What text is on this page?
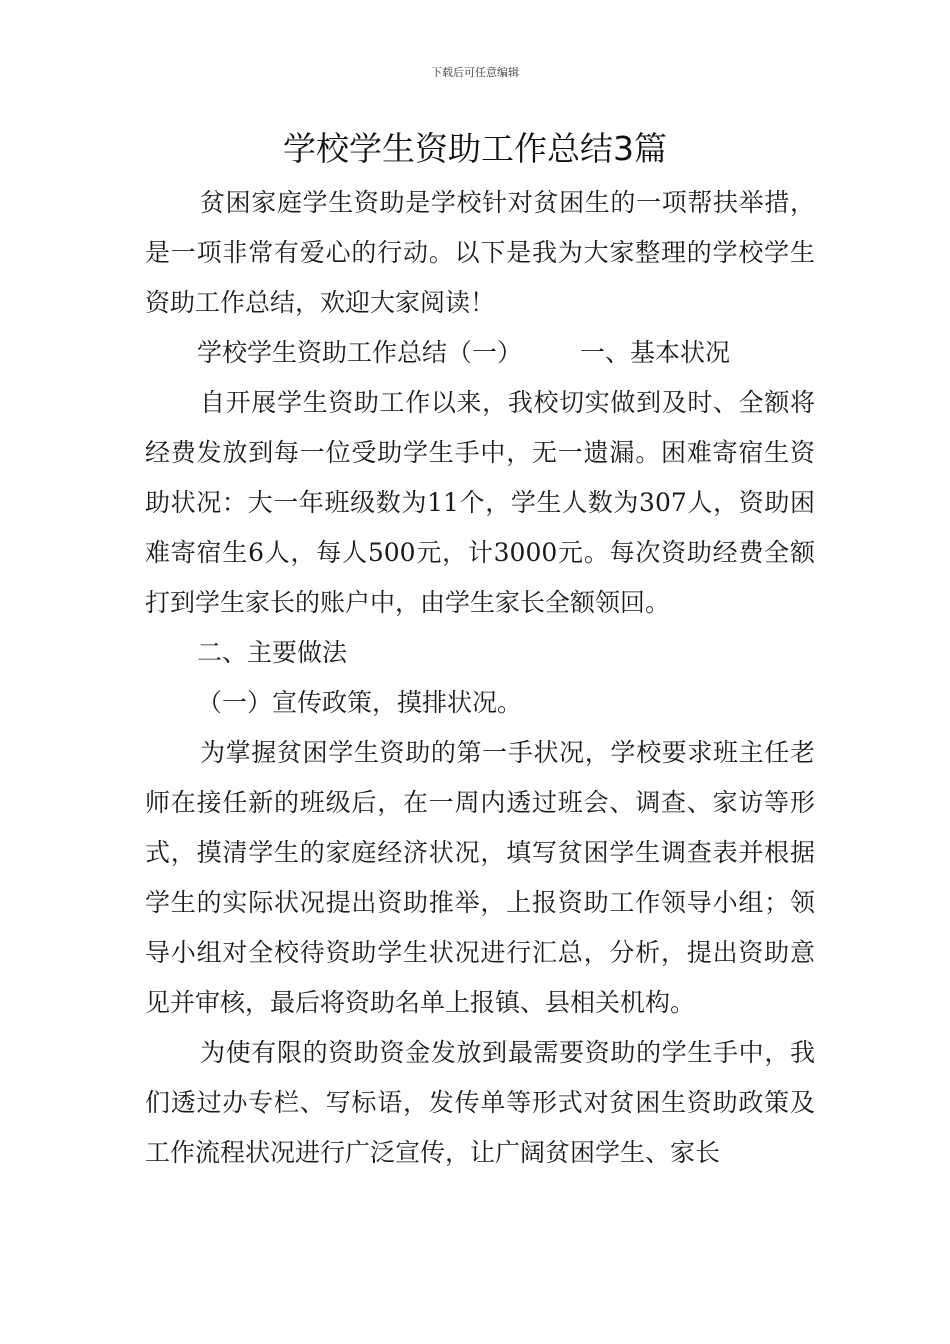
下载后可任意编辑
学校学生资助工作总结3篇

贫困家庭学生资助是学校针对贫困生的一项帮扶举措，是一项非常有爱心的行动。以下是我为大家整理的学校学生资助工作总结，欢迎大家阅读！

学校学生资助工作总结（一） 一、基本状况

自开展学生资助工作以来，我校切实做到及时、全额将经费发放到每一位受助学生手中，无一遗漏。困难寄宿生资助状况：大一年班级数为11个，学生人数为307人，资助困难寄宿生6人，每人500元，计3000元。每次资助经费全额打到学生家长的账户中，由学生家长全额领回。

二、主要做法

（一）宣传政策，摸排状况。

为掌握贫困学生资助的第一手状况，学校要求班主任老师在接任新的班级后，在一周内透过班会、调查、家访等形式，摸清学生的家庭经济状况，填写贫困学生调查表并根据学生的实际状况提出资助推举，上报资助工作领导小组；领导小组对全校待资助学生状况进行汇总，分析，提出资助意见并审核，最后将资助名单上报镇、县相关机构。

为使有限的资助资金发放到最需要资助的学生手中，我们透过办专栏、写标语，发传单等形式对贫困生资助政策及工作流程状况进行广泛宣传，让广阔贫困学生、家长
